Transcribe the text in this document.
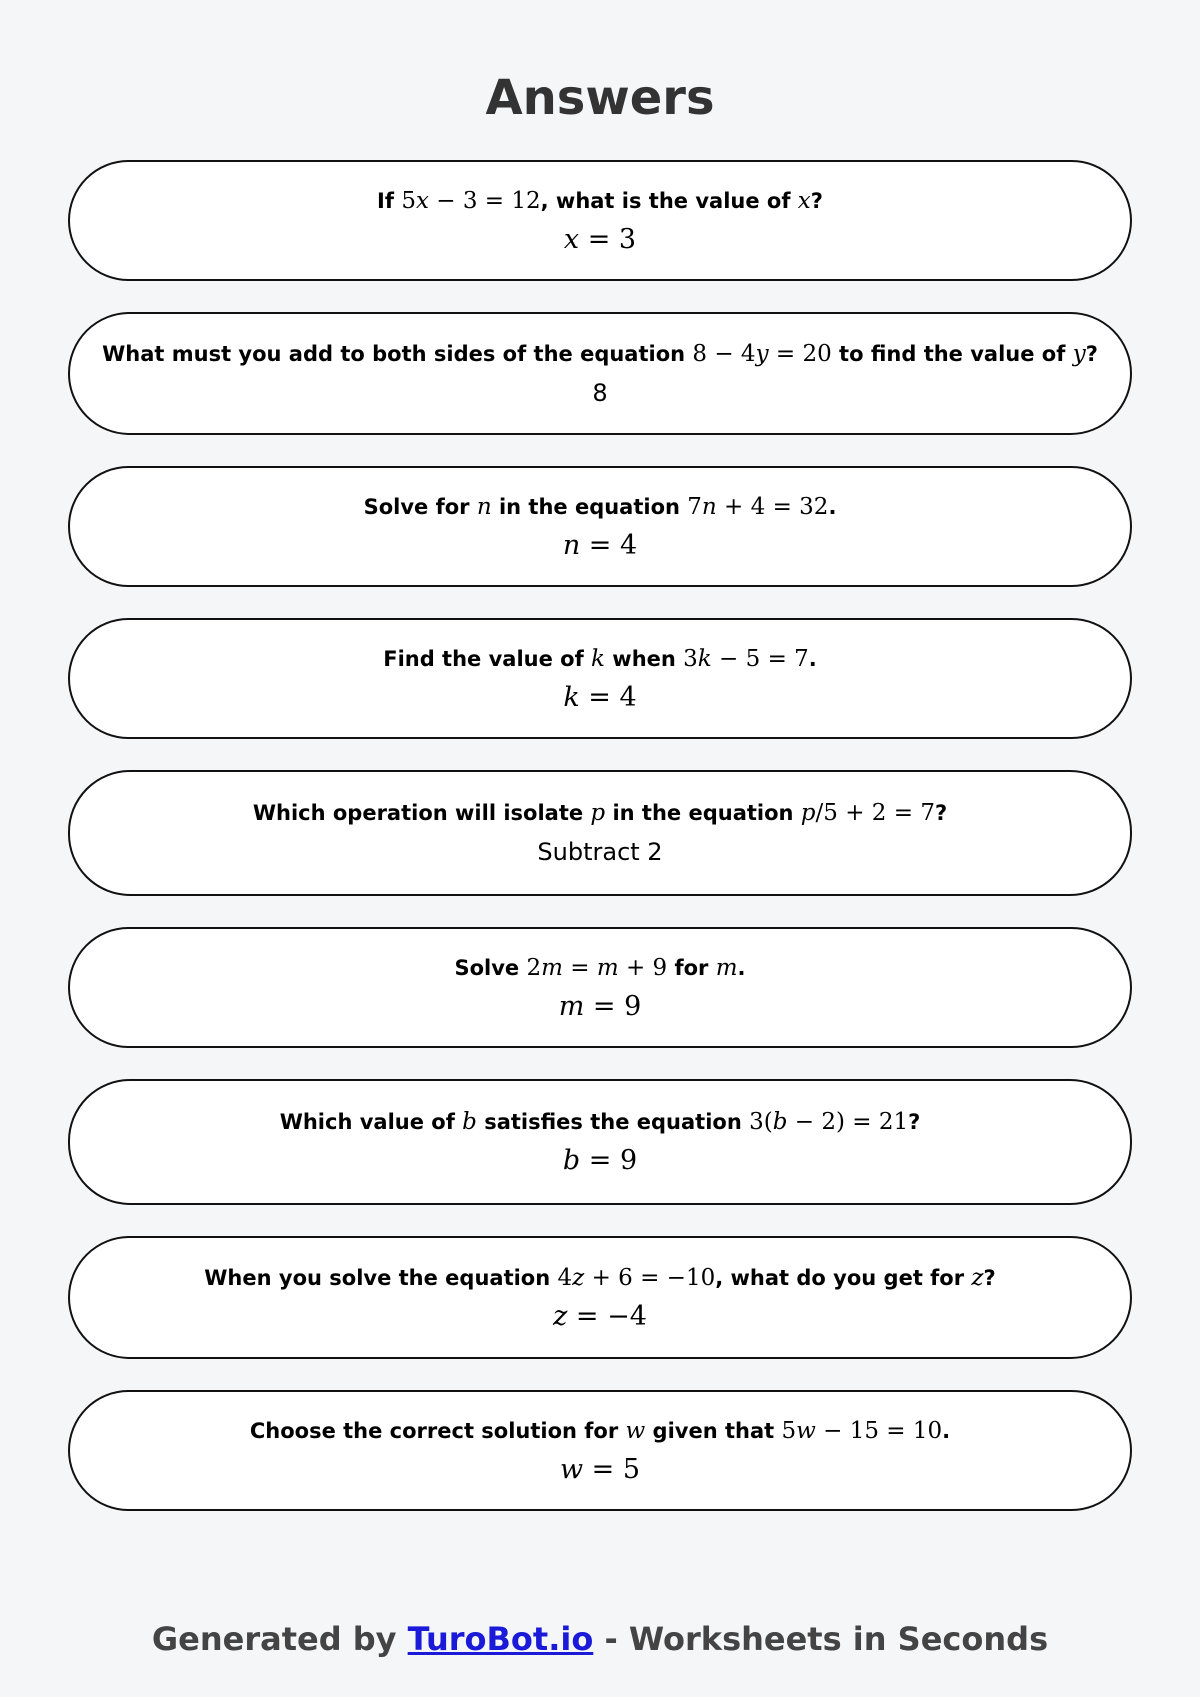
Answers
If 5x − 3 = 12, what is the value of x?
x = 3
What must you add to both sides of the equation 8 − 4y = 20 to find the value of y?
8
Solve for n in the equation 7n + 4 = 32.
n = 4
Find the value of k when 3k − 5 = 7.
k = 4
Which operation will isolate p in the equation p/5 + 2 = 7?
Subtract 2
Solve 2m = m + 9 for m.
m = 9
Which value of b satisfies the equation 3(b − 2) = 21?
b = 9
When you solve the equation 4z + 6 = −10, what do you get for z?
z = −4
Choose the correct solution for w given that 5w − 15 = 10.
w = 5
Generated by TuroBot.io - Worksheets in Seconds
